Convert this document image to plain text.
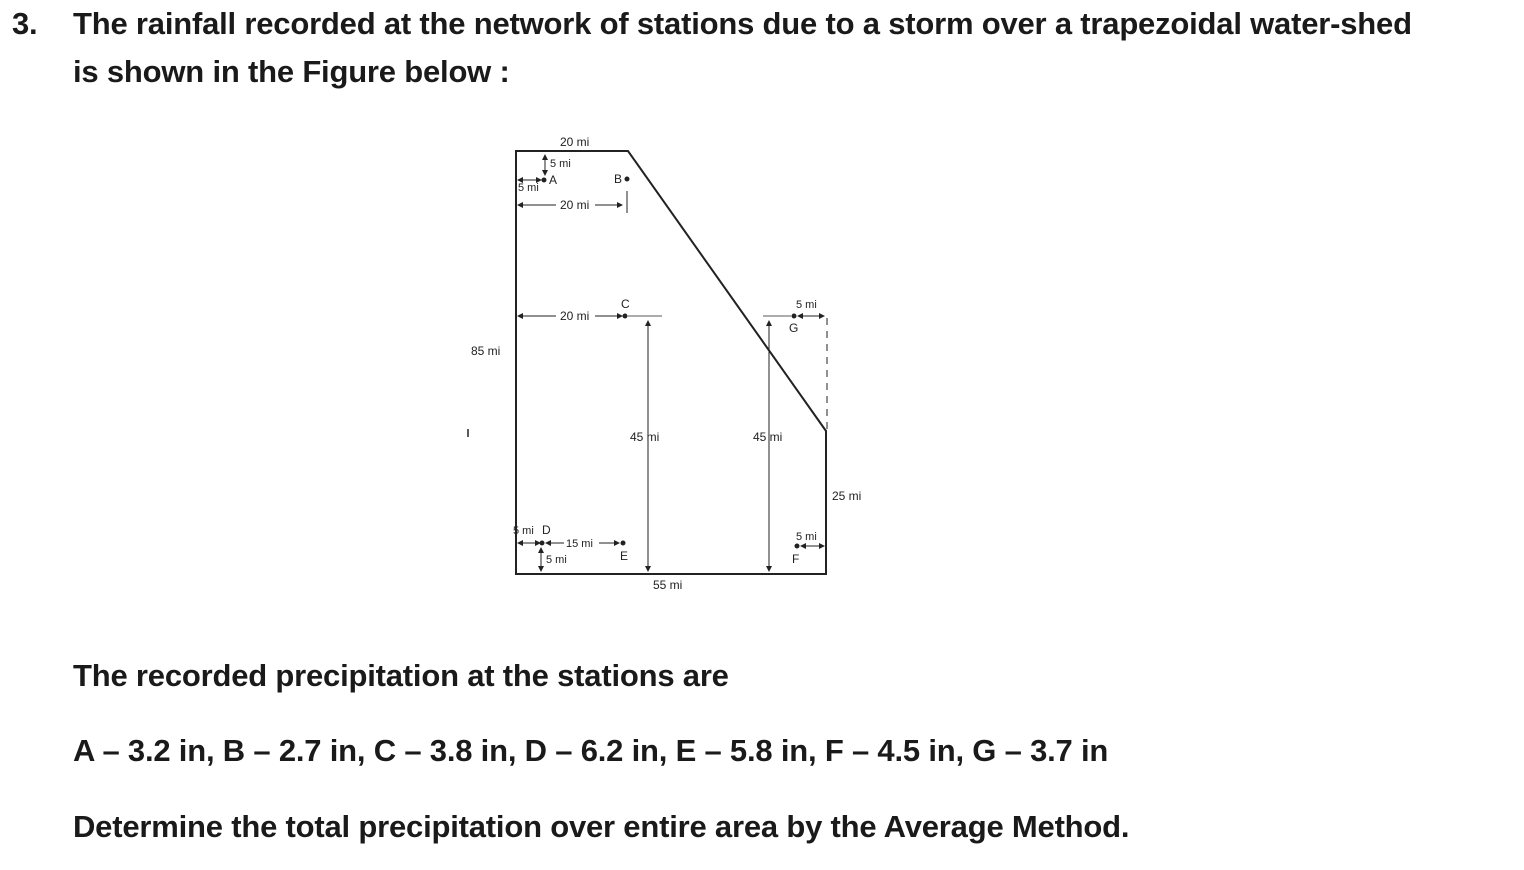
3. The rainfall recorded at the network of stations due to a storm over a trapezoidal water-shed
is shown in the Figure below :
20 mi
5 mi
A
5 mi
B
20 mi
20 mi
C
85 mi
5 mi
G
45 mi	45 mi
25 mi
5 mi D
15 mi
E
5 mi
5 mi
F
55 mi
The recorded precipitation at the stations are
A – 3.2 in, B – 2.7 in, C – 3.8 in, D – 6.2 in, E – 5.8 in, F – 4.5 in, G – 3.7 in
Determine the total precipitation over entire area by the Average Method.
